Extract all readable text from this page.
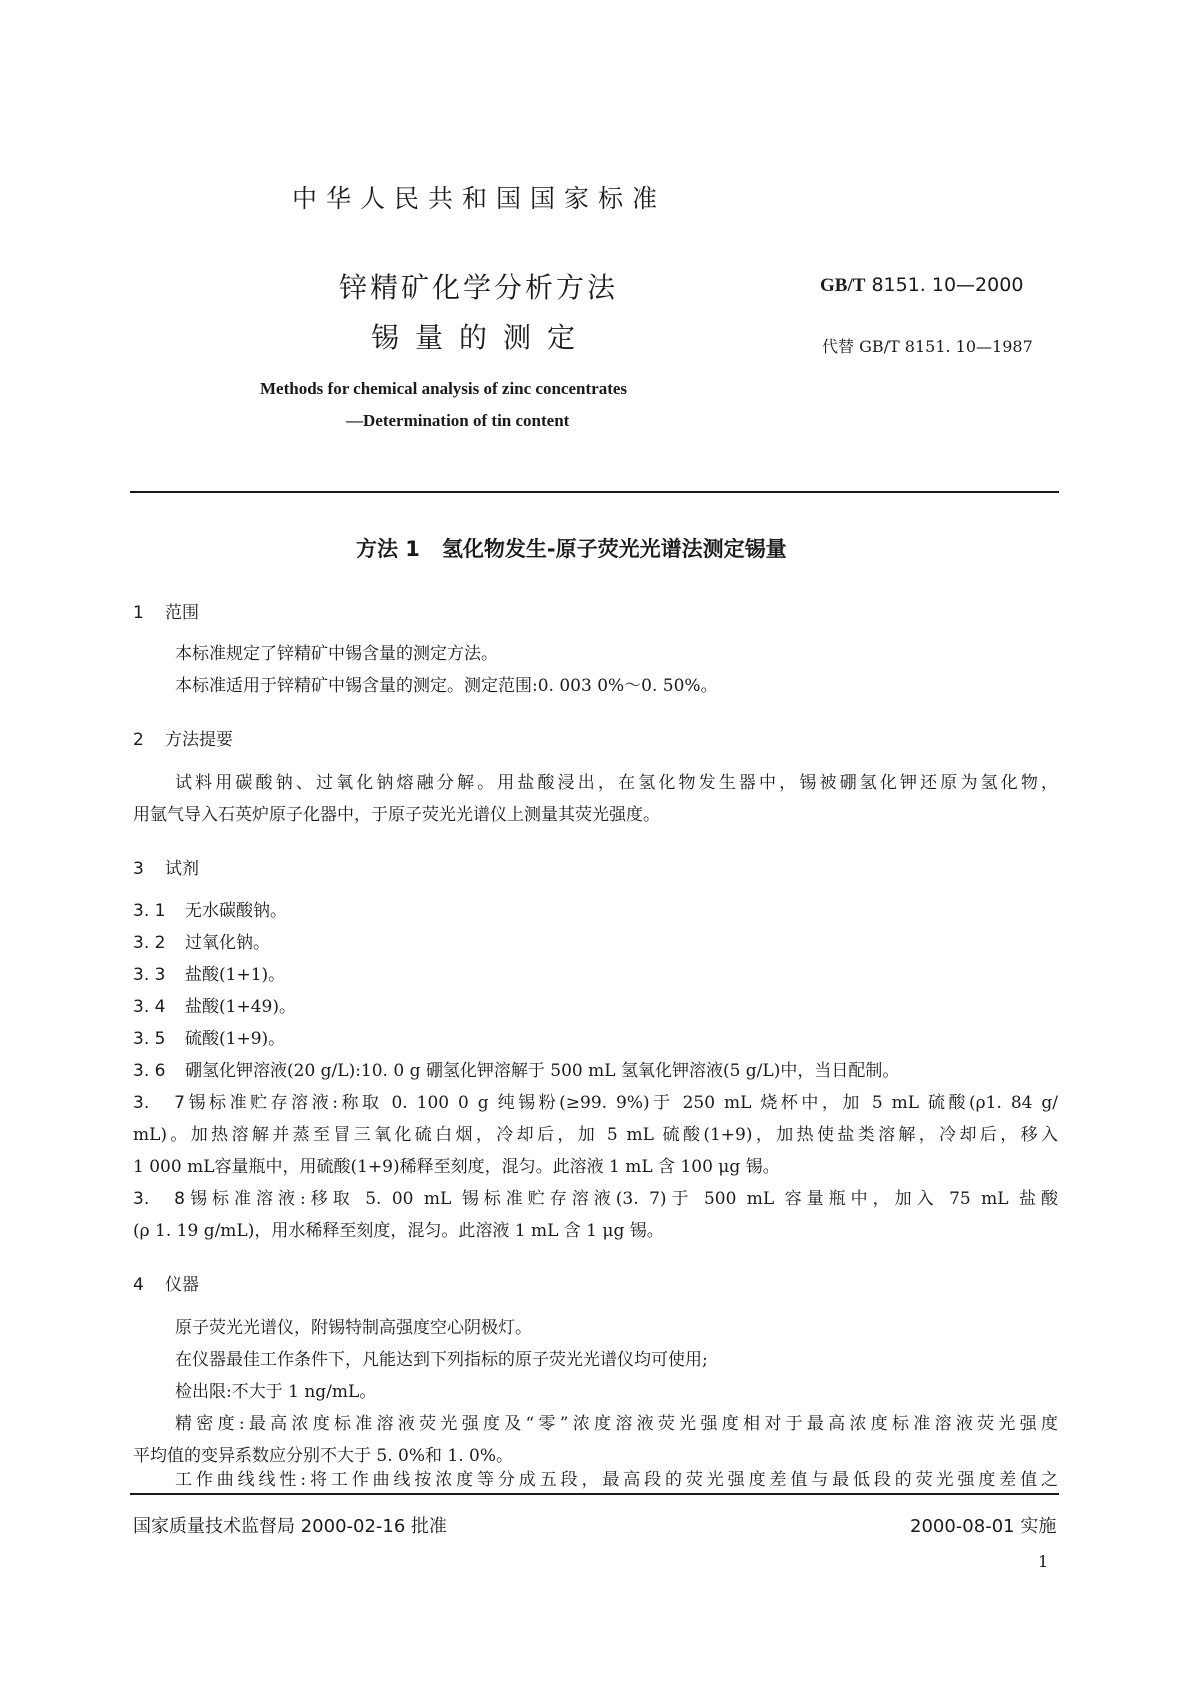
中华人民共和国国家标准
锌精矿化学分析方法
锡量的测定
GB/T 8151. 10—2000
代替 GB/T 8151. 10—1987
Methods for chemical analysis of zinc concentrates
—Determination of tin content
方法 1 氢化物发生-原子荧光光谱法测定锡量
1 范围
本标准规定了锌精矿中锡含量的测定方法。
本标准适用于锌精矿中锡含量的测定。测定范围:0. 003 0%～0. 50%。
2 方法提要
试料用碳酸钠、过氧化钠熔融分解。用盐酸浸出，在氢化物发生器中，锡被硼氢化钾还原为氢化物，
用氩气导入石英炉原子化器中，于原子荧光光谱仪上测量其荧光强度。
3 试剂
3. 1 无水碳酸钠。
3. 2 过氧化钠。
3. 3 盐酸(1+1)。
3. 4 盐酸(1+49)。
3. 5 硫酸(1+9)。
3. 6 硼氢化钾溶液(20 g/L):10. 0 g 硼氢化钾溶解于 500 mL 氢氧化钾溶液(5 g/L)中，当日配制。
3. 7锡标准贮存溶液:称取 0. 100 0 g 纯锡粉(≥99. 9%)于 250 mL 烧杯中，加 5 mL 硫酸(ρ1. 84 g/
mL)。加热溶解并蒸至冒三氧化硫白烟，冷却后，加 5 mL 硫酸(1+9)，加热使盐类溶解，冷却后，移入
1 000 mL容量瓶中，用硫酸(1+9)稀释至刻度，混匀。此溶液 1 mL 含 100 μg 锡。
3. 8锡标准溶液:移取 5. 00 mL 锡标准贮存溶液(3. 7)于 500 mL 容量瓶中，加入 75 mL 盐酸
(ρ 1. 19 g/mL)，用水稀释至刻度，混匀。此溶液 1 mL 含 1 μg 锡。
4 仪器
原子荧光光谱仪，附锡特制高强度空心阴极灯。
在仪器最佳工作条件下，凡能达到下列指标的原子荧光光谱仪均可使用;
检出限:不大于 1 ng/mL。
精密度:最高浓度标准溶液荧光强度及“零”浓度溶液荧光强度相对于最高浓度标准溶液荧光强度
平均值的变异系数应分别不大于 5. 0%和 1. 0%。
工作曲线线性:将工作曲线按浓度等分成五段，最高段的荧光强度差值与最低段的荧光强度差值之
国家质量技术监督局 2000-02-16 批准	2000-08-01 实施
1
